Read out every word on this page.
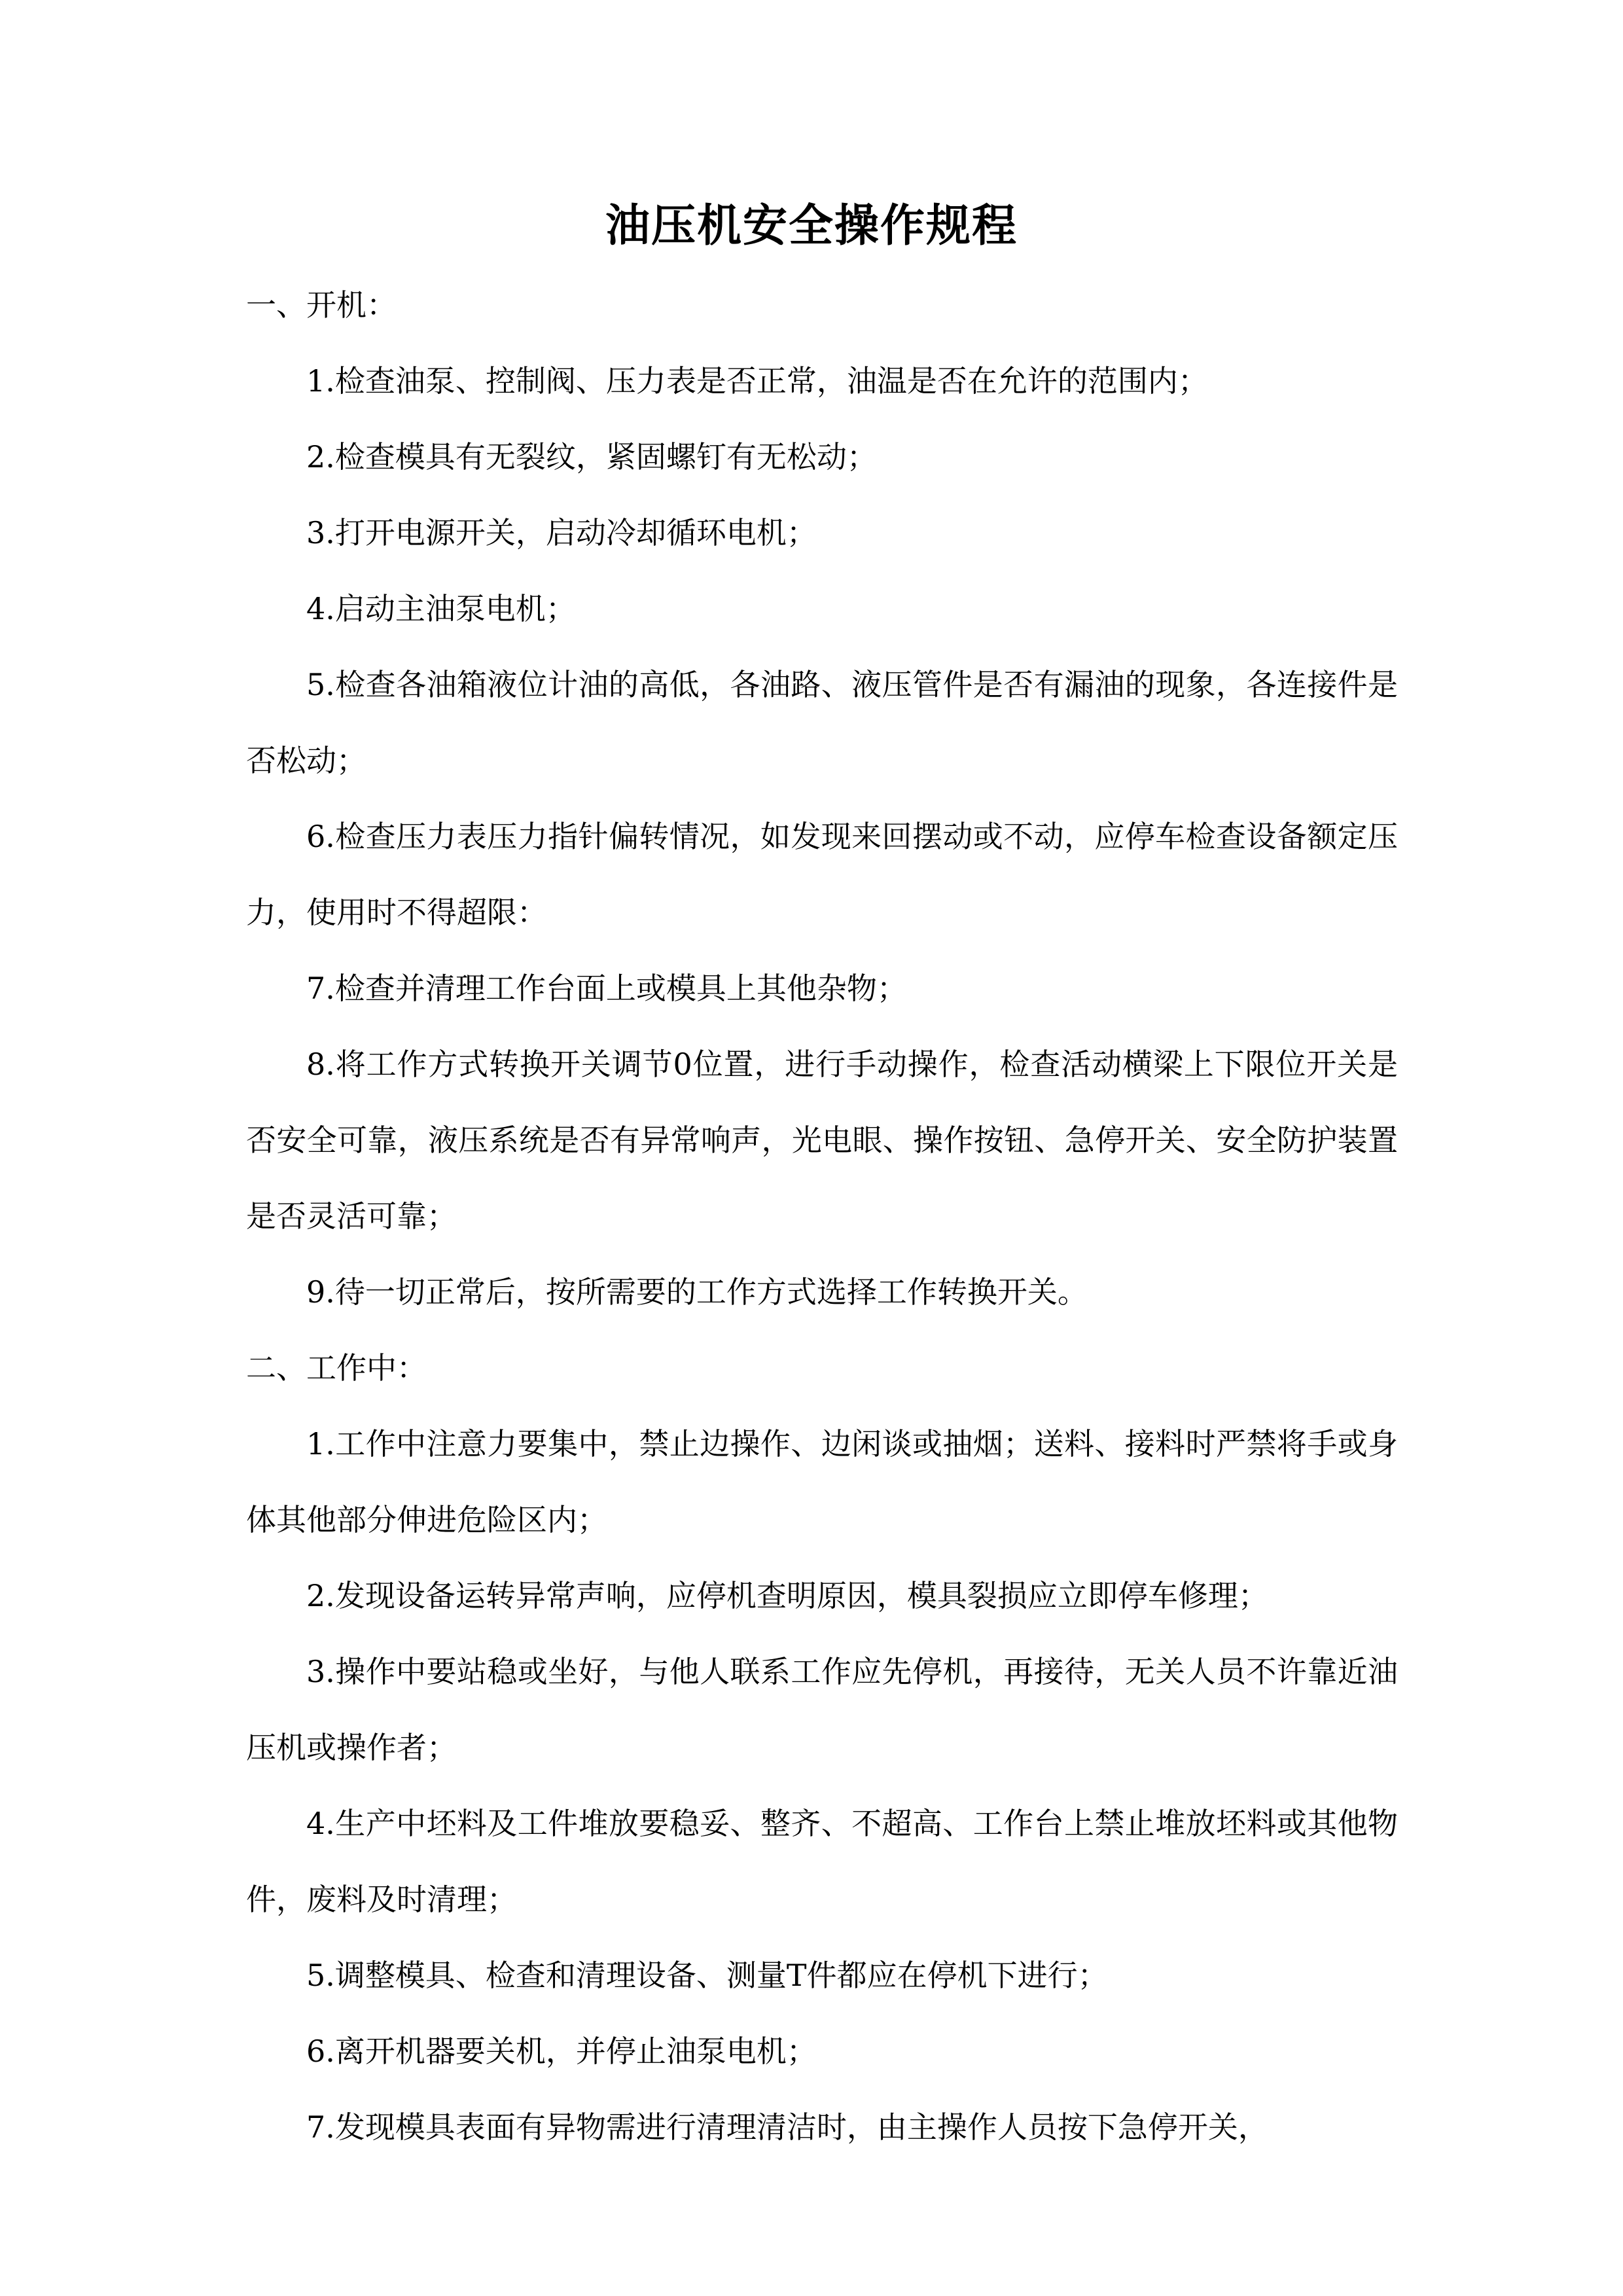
油压机安全操作规程

一、开机：

1.检查油泵、控制阀、压力表是否正常，油温是否在允许的范围内；

2.检查模具有无裂纹，紧固螺钉有无松动；

3.打开电源开关，启动冷却循环电机；

4.启动主油泵电机；

5.检查各油箱液位计油的高低，各油路、液压管件是否有漏油的现象，各连接件是否松动；

6.检查压力表压力指针偏转情况，如发现来回摆动或不动，应停车检查设备额定压力，使用时不得超限：

7.检查并清理工作台面上或模具上其他杂物；

8.将工作方式转换开关调节0位置，进行手动操作，检查活动横梁上下限位开关是否安全可靠，液压系统是否有异常响声，光电眼、操作按钮、急停开关、安全防护装置是否灵活可靠；

9.待一切正常后，按所需要的工作方式选择工作转换开关。

二、工作中：

1.工作中注意力要集中，禁止边操作、边闲谈或抽烟；送料、接料时严禁将手或身体其他部分伸进危险区内；

2.发现设备运转异常声响，应停机查明原因，模具裂损应立即停车修理；

3.操作中要站稳或坐好，与他人联系工作应先停机，再接待，无关人员不许靠近油压机或操作者；

4.生产中坯料及工件堆放要稳妥、整齐、不超高、工作台上禁止堆放坯料或其他物件，废料及时清理；

5.调整模具、检查和清理设备、测量T件都应在停机下进行；

6.离开机器要关机，并停止油泵电机；

7.发现模具表面有异物需进行清理清洁时，由主操作人员按下急停开关，
